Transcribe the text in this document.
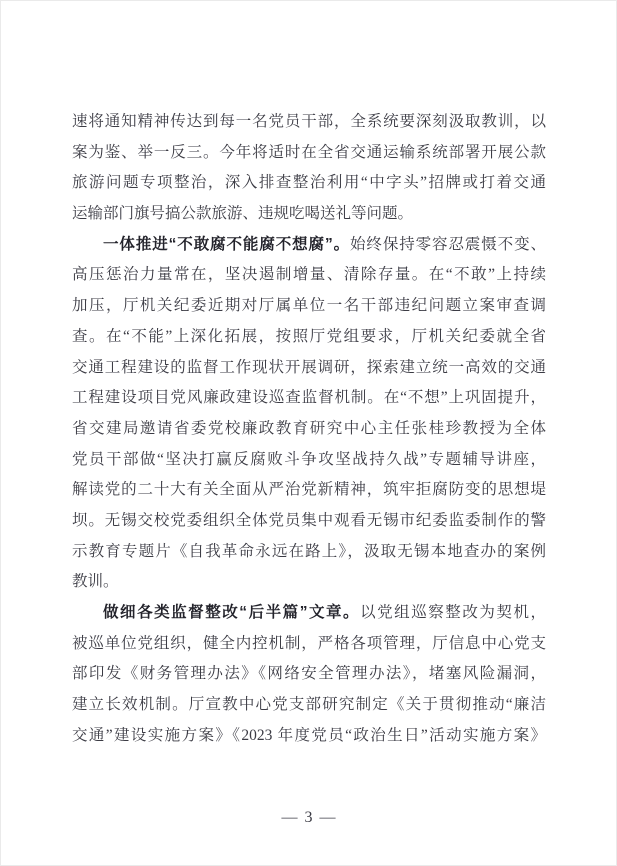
速将通知精神传达到每一名党员干部，全系统要深刻汲取教训，以
案为鉴、举一反三。今年将适时在全省交通运输系统部署开展公款
旅游问题专项整治，深入排查整治利用“中字头”招牌或打着交通
运输部门旗号搞公款旅游、违规吃喝送礼等问题。
一体推进“不敢腐不能腐不想腐”。始终保持零容忍震慑不变、
高压惩治力量常在，坚决遏制增量、清除存量。在“不敢”上持续
加压，厅机关纪委近期对厅属单位一名干部违纪问题立案审查调
查。在“不能”上深化拓展，按照厅党组要求，厅机关纪委就全省
交通工程建设的监督工作现状开展调研，探索建立统一高效的交通
工程建设项目党风廉政建设巡查监督机制。在“不想”上巩固提升，
省交建局邀请省委党校廉政教育研究中心主任张桂珍教授为全体
党员干部做“坚决打赢反腐败斗争攻坚战持久战”专题辅导讲座，
解读党的二十大有关全面从严治党新精神，筑牢拒腐防变的思想堤
坝。无锡交校党委组织全体党员集中观看无锡市纪委监委制作的警
示教育专题片《自我革命永远在路上》，汲取无锡本地查办的案例
教训。
做细各类监督整改“后半篇”文章。以党组巡察整改为契机，
被巡单位党组织，健全内控机制，严格各项管理，厅信息中心党支
部印发《财务管理办法》《网络安全管理办法》，堵塞风险漏洞，
建立长效机制。厅宣教中心党支部研究制定《关于贯彻推动“廉洁
交通”建设实施方案》《2023 年度党员“政治生日”活动实施方案》
— 3 —
